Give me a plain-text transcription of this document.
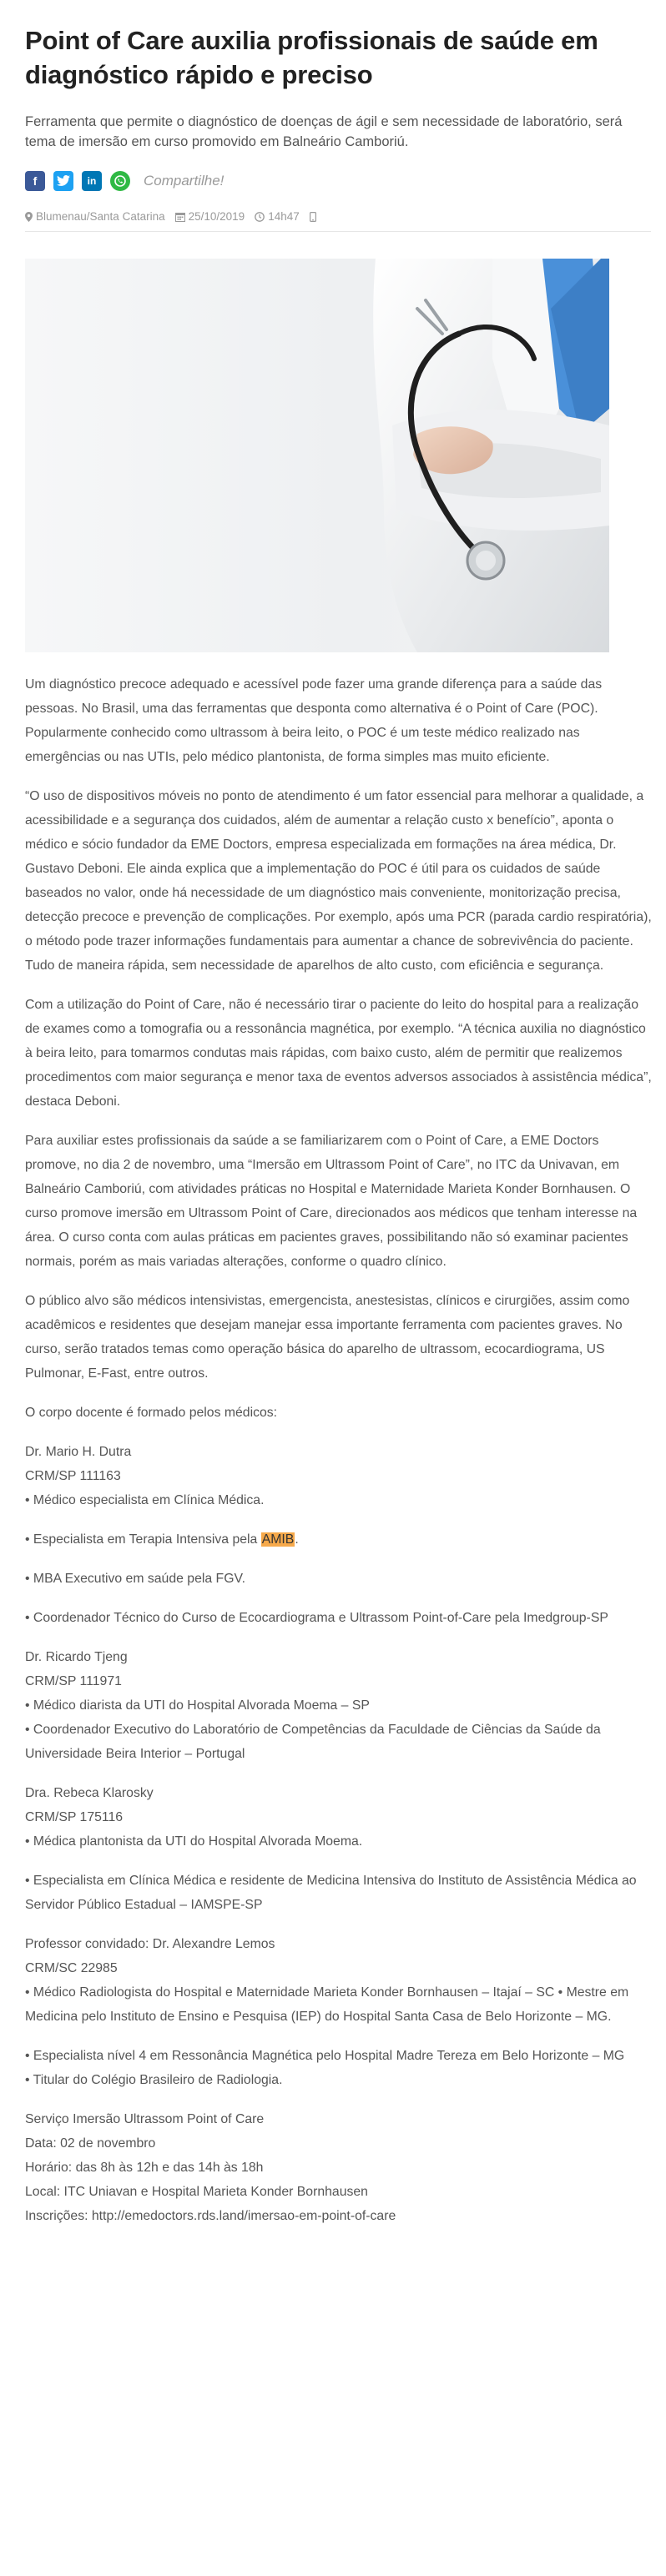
Point of Care auxilia profissionais de saúde em diagnóstico rápido e preciso
Ferramenta que permite o diagnóstico de doenças de ágil e sem necessidade de laboratório, será tema de imersão em curso promovido em Balneário Camboriú.
f	in	Compartilhe!
Blumenau/Santa Catarina 25/10/2019 14h47

Um diagnóstico precoce adequado e acessível pode fazer uma grande diferença para a saúde das pessoas. No Brasil, uma das ferramentas que desponta como alternativa é o Point of Care (POC). Popularmente conhecido como ultrassom à beira leito, o POC é um teste médico realizado nas emergências ou nas UTIs, pelo médico plantonista, de forma simples mas muito eficiente.

“O uso de dispositivos móveis no ponto de atendimento é um fator essencial para melhorar a qualidade, a acessibilidade e a segurança dos cuidados, além de aumentar a relação custo x benefício”, aponta o médico e sócio fundador da EME Doctors, empresa especializada em formações na área médica, Dr. Gustavo Deboni. Ele ainda explica que a implementação do POC é útil para os cuidados de saúde baseados no valor, onde há necessidade de um diagnóstico mais conveniente, monitorização precisa, detecção precoce e prevenção de complicações. Por exemplo, após uma PCR (parada cardio respiratória), o método pode trazer informações fundamentais para aumentar a chance de sobrevivência do paciente. Tudo de maneira rápida, sem necessidade de aparelhos de alto custo, com eficiência e segurança.

Com a utilização do Point of Care, não é necessário tirar o paciente do leito do hospital para a realização de exames como a tomografia ou a ressonância magnética, por exemplo. “A técnica auxilia no diagnóstico à beira leito, para tomarmos condutas mais rápidas, com baixo custo, além de permitir que realizemos procedimentos com maior segurança e menor taxa de eventos adversos associados à assistência médica”, destaca Deboni.

Para auxiliar estes profissionais da saúde a se familiarizarem com o Point of Care, a EME Doctors promove, no dia 2 de novembro, uma “Imersão em Ultrassom Point of Care”, no ITC da Univavan, em Balneário Camboriú, com atividades práticas no Hospital e Maternidade Marieta Konder Bornhausen. O curso promove imersão em Ultrassom Point of Care, direcionados aos médicos que tenham interesse na área. O curso conta com aulas práticas em pacientes graves, possibilitando não só examinar pacientes normais, porém as mais variadas alterações, conforme o quadro clínico.

O público alvo são médicos intensivistas, emergencista, anestesistas, clínicos e cirurgiões, assim como acadêmicos e residentes que desejam manejar essa importante ferramenta com pacientes graves. No curso, serão tratados temas como operação básica do aparelho de ultrassom, ecocardiograma, US Pulmonar, E-Fast, entre outros.

O corpo docente é formado pelos médicos:

Dr. Mario H. Dutra

CRM/SP 111163

• Médico especialista em Clínica Médica.

• Especialista em Terapia Intensiva pela AMIB.

• MBA Executivo em saúde pela FGV.

• Coordenador Técnico do Curso de Ecocardiograma e Ultrassom Point-of-Care pela Imedgroup-SP

Dr. Ricardo Tjeng

CRM/SP 111971

• Médico diarista da UTI do Hospital Alvorada Moema – SP

• Coordenador Executivo do Laboratório de Competências da Faculdade de Ciências da Saúde da Universidade Beira Interior – Portugal

Dra. Rebeca Klarosky

CRM/SP 175116

• Médica plantonista da UTI do Hospital Alvorada Moema.

• Especialista em Clínica Médica e residente de Medicina Intensiva do Instituto de Assistência Médica ao Servidor Público Estadual – IAMSPE-SP

Professor convidado: Dr. Alexandre Lemos

CRM/SC 22985

• Médico Radiologista do Hospital e Maternidade Marieta Konder Bornhausen – Itajaí – SC • Mestre em Medicina pelo Instituto de Ensino e Pesquisa (IEP) do Hospital Santa Casa de Belo Horizonte – MG.

• Especialista nível 4 em Ressonância Magnética pelo Hospital Madre Tereza em Belo Horizonte – MG

• Titular do Colégio Brasileiro de Radiologia.

Serviço Imersão Ultrassom Point of Care

Data: 02 de novembro

Horário: das 8h às 12h e das 14h às 18h

Local: ITC Uniavan e Hospital Marieta Konder Bornhausen

Inscrições: http://emedoctors.rds.land/imersao-em-point-of-care
